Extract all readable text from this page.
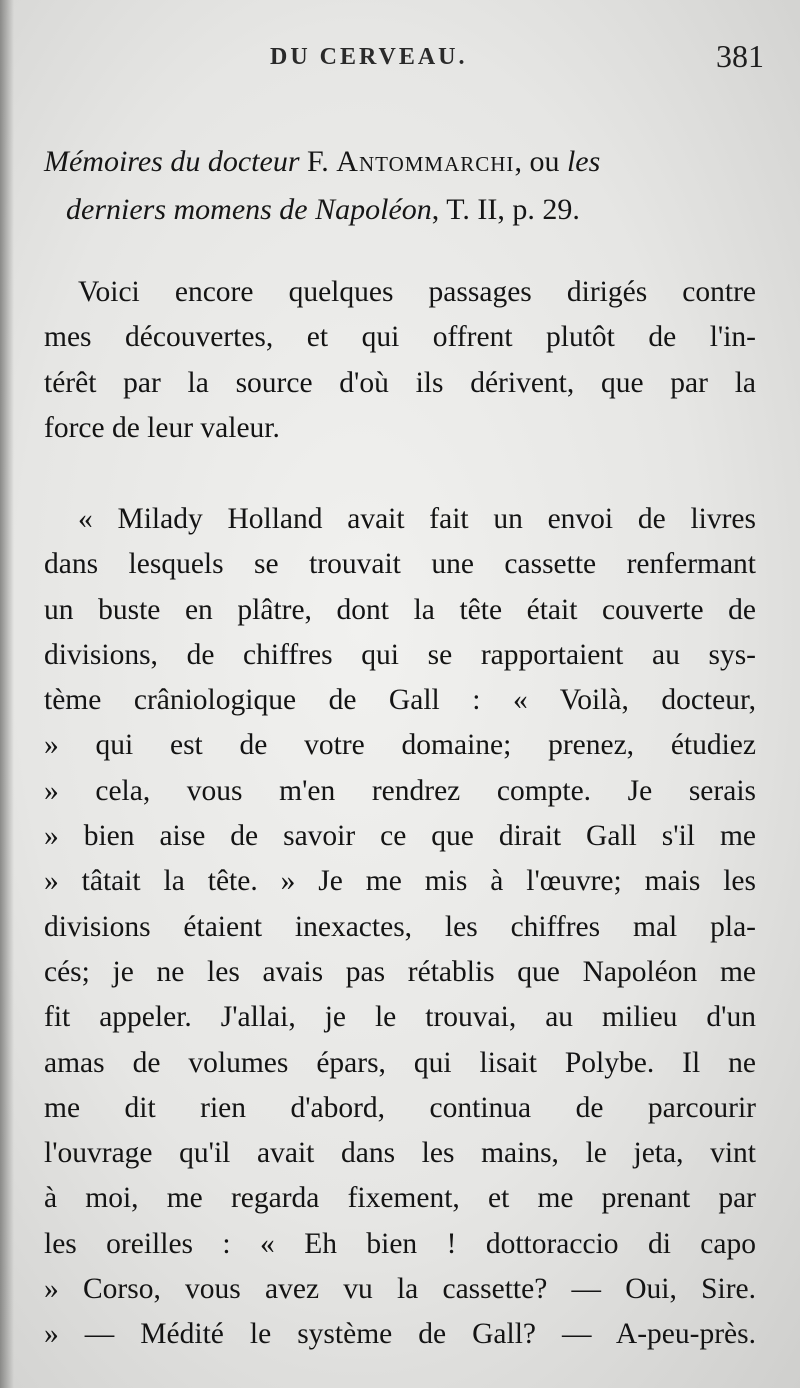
DU CERVEAU.	381
Mémoires du docteur F. Antommarchi, ou les
derniers momens de Napoléon, T. II, p. 29.
Voici encore quelques passages dirigés contre
mes découvertes, et qui offrent plutôt de l'in-
térêt par la source d'où ils dérivent, que par la
force de leur valeur.
« Milady Holland avait fait un envoi de livres
dans lesquels se trouvait une cassette renfermant
un buste en plâtre, dont la tête était couverte de
divisions, de chiffres qui se rapportaient au sys-
tème crâniologique de Gall : « Voilà, docteur,
» qui est de votre domaine; prenez, étudiez
» cela, vous m'en rendrez compte. Je serais
» bien aise de savoir ce que dirait Gall s'il me
» tâtait la tête. » Je me mis à l'œuvre; mais les
divisions étaient inexactes, les chiffres mal pla-
cés; je ne les avais pas rétablis que Napoléon me
fit appeler. J'allai, je le trouvai, au milieu d'un
amas de volumes épars, qui lisait Polybe. Il ne
me dit rien d'abord, continua de parcourir
l'ouvrage qu'il avait dans les mains, le jeta, vint
à moi, me regarda fixement, et me prenant par
les oreilles : « Eh bien ! dottoraccio di capo
» Corso, vous avez vu la cassette? — Oui, Sire.
» — Médité le système de Gall? — A-peu-près.
